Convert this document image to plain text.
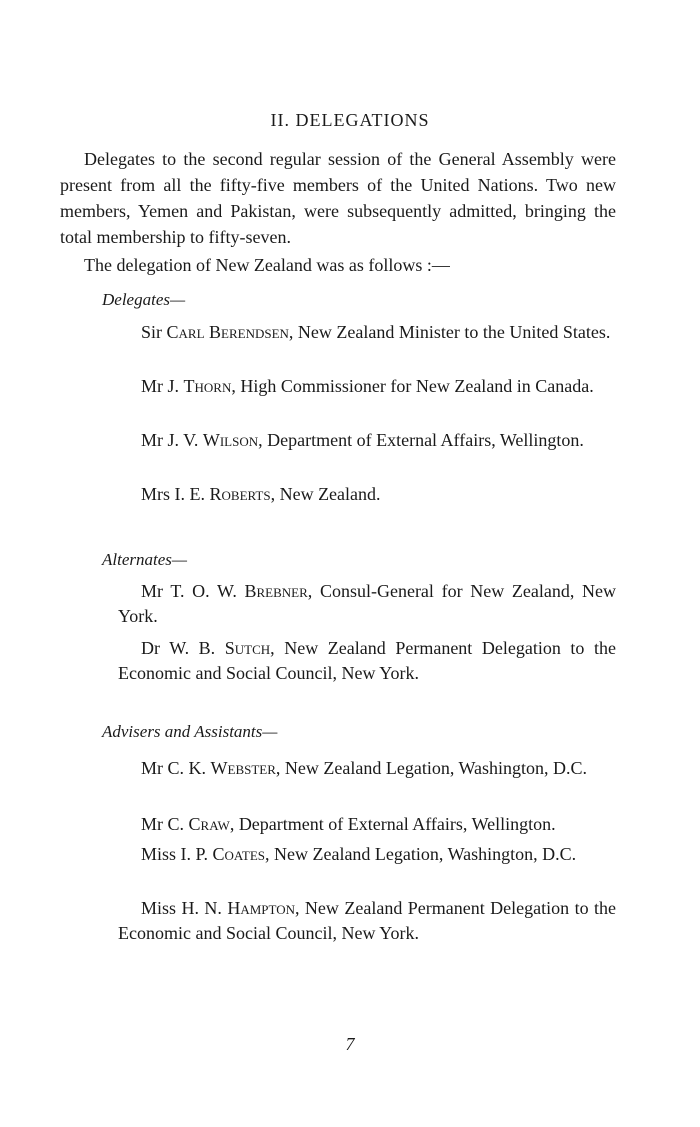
II. DELEGATIONS

Delegates to the second regular session of the General Assembly were present from all the fifty-five members of the United Nations. Two new members, Yemen and Pakistan, were subsequently admitted, bringing the total membership to fifty-seven.

The delegation of New Zealand was as follows :—

Delegates—
Sir Carl Berendsen, New Zealand Minister to the United States.
Mr J. Thorn, High Commissioner for New Zealand in Canada.
Mr J. V. Wilson, Department of External Affairs, Wellington.
Mrs I. E. Roberts, New Zealand.
Alternates—
Mr T. O. W. Brebner, Consul-General for New Zealand, New York.
Dr W. B. Sutch, New Zealand Permanent Delegation to the Economic and Social Council, New York.
Advisers and Assistants—
Mr C. K. Webster, New Zealand Legation, Washington, D.C.
Mr C. Craw, Department of External Affairs, Wellington.
Miss I. P. Coates, New Zealand Legation, Washington, D.C.
Miss H. N. Hampton, New Zealand Permanent Delegation to the Economic and Social Council, New York.
7
